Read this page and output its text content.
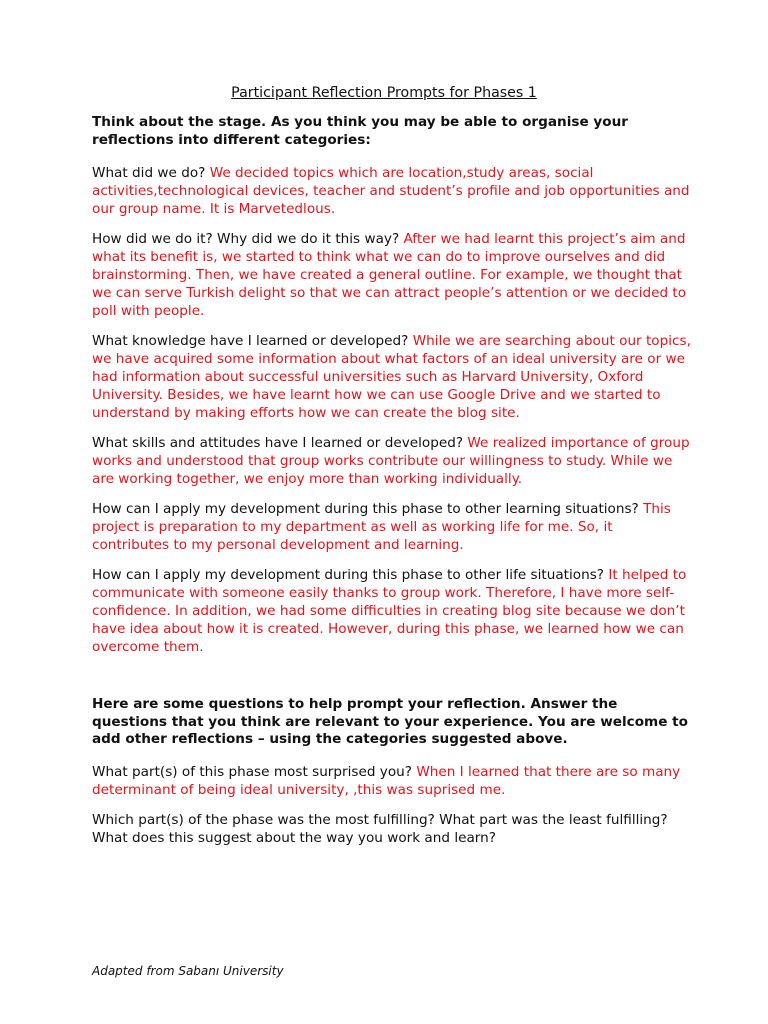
Participant Reflection Prompts for Phases 1

Think about the stage. As you think you may be able to organise your reflections into different categories:

What did we do? We decided topics which are location,study areas, social activities,technological devices, teacher and student’s profile and job opportunities and our group name. It is Marvetedlous.

How did we do it? Why did we do it this way? After we had learnt this project’s aim and what its benefit is, we started to think what we can do to improve ourselves and did brainstorming. Then, we have created a general outline. For example, we thought that we can serve Turkish delight so that we can attract people’s attention or we decided to poll with people.

What knowledge have I learned or developed? While we are searching about our topics, we have acquired some information about what factors of an ideal university are or we had information about successful universities such as Harvard University, Oxford University. Besides, we have learnt how we can use Google Drive and we started to understand by making efforts how we can create the blog site.

What skills and attitudes have I learned or developed? We realized importance of group works and understood that group works contribute our willingness to study. While we are working together, we enjoy more than working individually.

How can I apply my development during this phase to other learning situations? This project is preparation to my department as well as working life for me. So, it contributes to my personal development and learning.

How can I apply my development during this phase to other life situations? It helped to communicate with someone easily thanks to group work. Therefore, I have more self- confidence. In addition, we had some difficulties in creating blog site because we don’t have idea about how it is created. However, during this phase, we learned how we can overcome them.

Here are some questions to help prompt your reflection. Answer the questions that you think are relevant to your experience. You are welcome to add other reflections – using the categories suggested above.

What part(s) of this phase most surprised you? When I learned that there are so many determinant of being ideal university, ,this was suprised me.

Which part(s) of the phase was the most fulfilling? What part was the least fulfilling? What does this suggest about the way you work and learn?

Adapted from Sabanı University
